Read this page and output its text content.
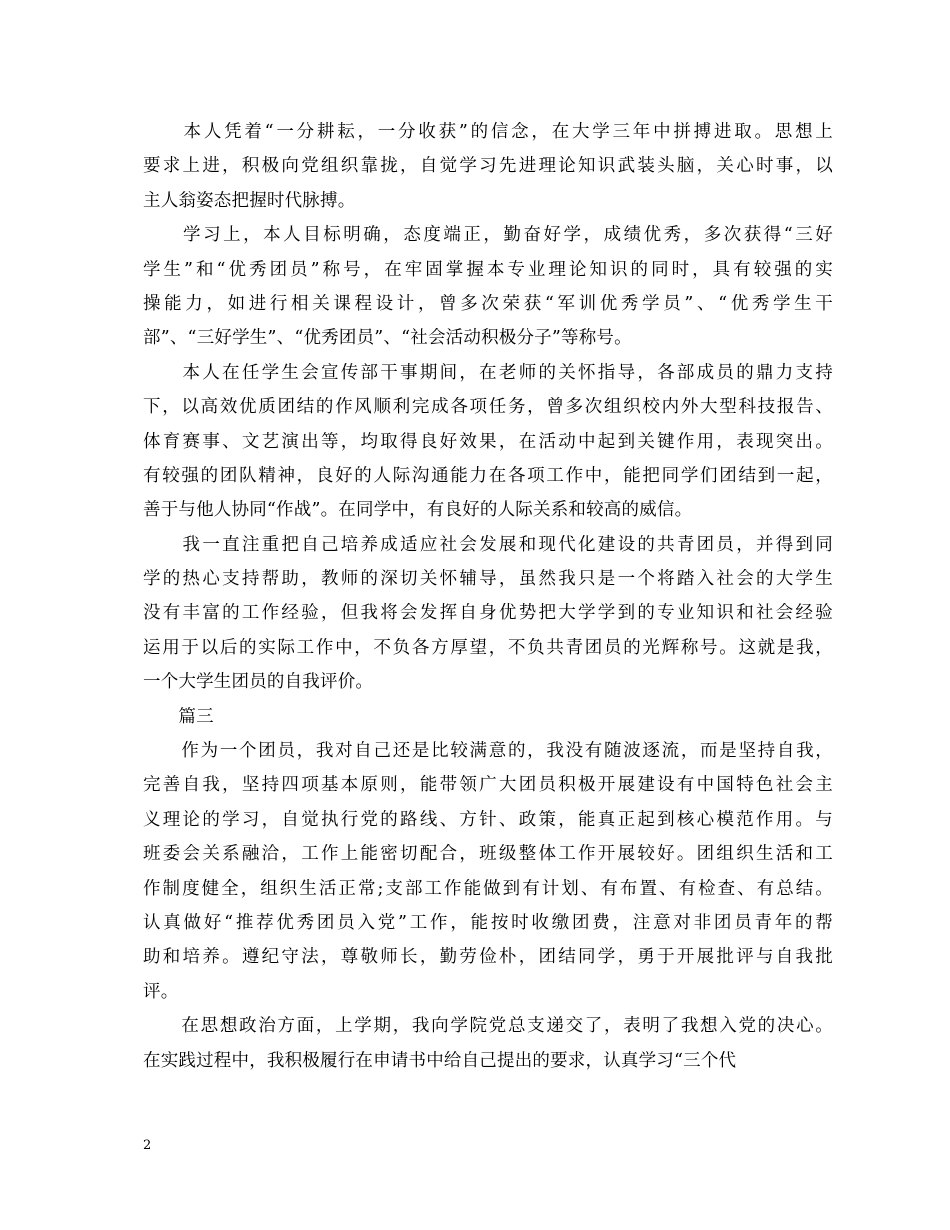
　　本人凭着“一分耕耘，一分收获”的信念，在大学三年中拼搏进取。思想上
要求上进，积极向党组织靠拢，自觉学习先进理论知识武装头脑，关心时事，以
主人翁姿态把握时代脉搏。
　　学习上，本人目标明确，态度端正，勤奋好学，成绩优秀，多次获得“三好
学生”和“优秀团员”称号，在牢固掌握本专业理论知识的同时，具有较强的实
操能力，如进行相关课程设计，曾多次荣获“军训优秀学员”、“优秀学生干
部”、“三好学生”、“优秀团员”、“社会活动积极分子”等称号。
　　本人在任学生会宣传部干事期间，在老师的关怀指导，各部成员的鼎力支持
下，以高效优质团结的作风顺利完成各项任务，曾多次组织校内外大型科技报告、
体育赛事、文艺演出等，均取得良好效果，在活动中起到关键作用，表现突出。
有较强的团队精神，良好的人际沟通能力在各项工作中，能把同学们团结到一起，
善于与他人协同“作战”。在同学中，有良好的人际关系和较高的威信。
　　我一直注重把自己培养成适应社会发展和现代化建设的共青团员，并得到同
学的热心支持帮助，教师的深切关怀辅导，虽然我只是一个将踏入社会的大学生
没有丰富的工作经验，但我将会发挥自身优势把大学学到的专业知识和社会经验
运用于以后的实际工作中，不负各方厚望，不负共青团员的光辉称号。这就是我，
一个大学生团员的自我评价。
　　篇三
　　作为一个团员，我对自己还是比较满意的，我没有随波逐流，而是坚持自我，
完善自我，坚持四项基本原则，能带领广大团员积极开展建设有中国特色社会主
义理论的学习，自觉执行党的路线、方针、政策，能真正起到核心模范作用。与
班委会关系融洽，工作上能密切配合，班级整体工作开展较好。团组织生活和工
作制度健全，组织生活正常;支部工作能做到有计划、有布置、有检查、有总结。
认真做好“推荐优秀团员入党”工作，能按时收缴团费，注意对非团员青年的帮
助和培养。遵纪守法，尊敬师长，勤劳俭朴，团结同学，勇于开展批评与自我批
评。
　　在思想政治方面，上学期，我向学院党总支递交了，表明了我想入党的决心。
在实践过程中，我积极履行在申请书中给自己提出的要求，认真学习“三个代
2
